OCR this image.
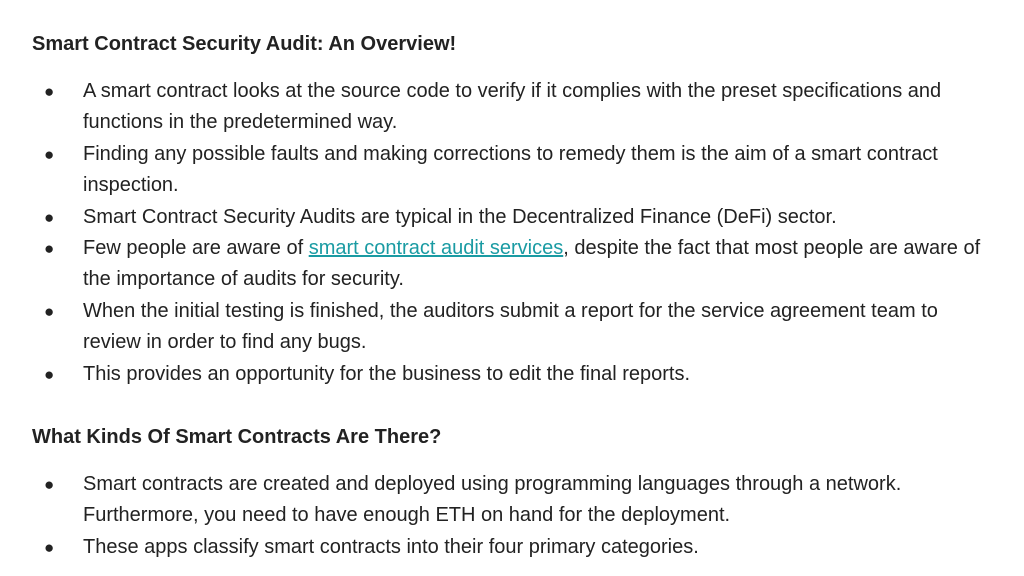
Smart Contract Security Audit: An Overview!
● A smart contract looks at the source code to verify if it complies with the preset specifications and functions in the predetermined way.
● Finding any possible faults and making corrections to remedy them is the aim of a smart contract inspection.
● Smart Contract Security Audits are typical in the Decentralized Finance (DeFi) sector.
● Few people are aware of smart contract audit services, despite the fact that most people are aware of the importance of audits for security.
● When the initial testing is finished, the auditors submit a report for the service agreement team to review in order to find any bugs.
● This provides an opportunity for the business to edit the final reports.
What Kinds Of Smart Contracts Are There?
● Smart contracts are created and deployed using programming languages through a network. Furthermore, you need to have enough ETH on hand for the deployment.
● These apps classify smart contracts into their four primary categories.
